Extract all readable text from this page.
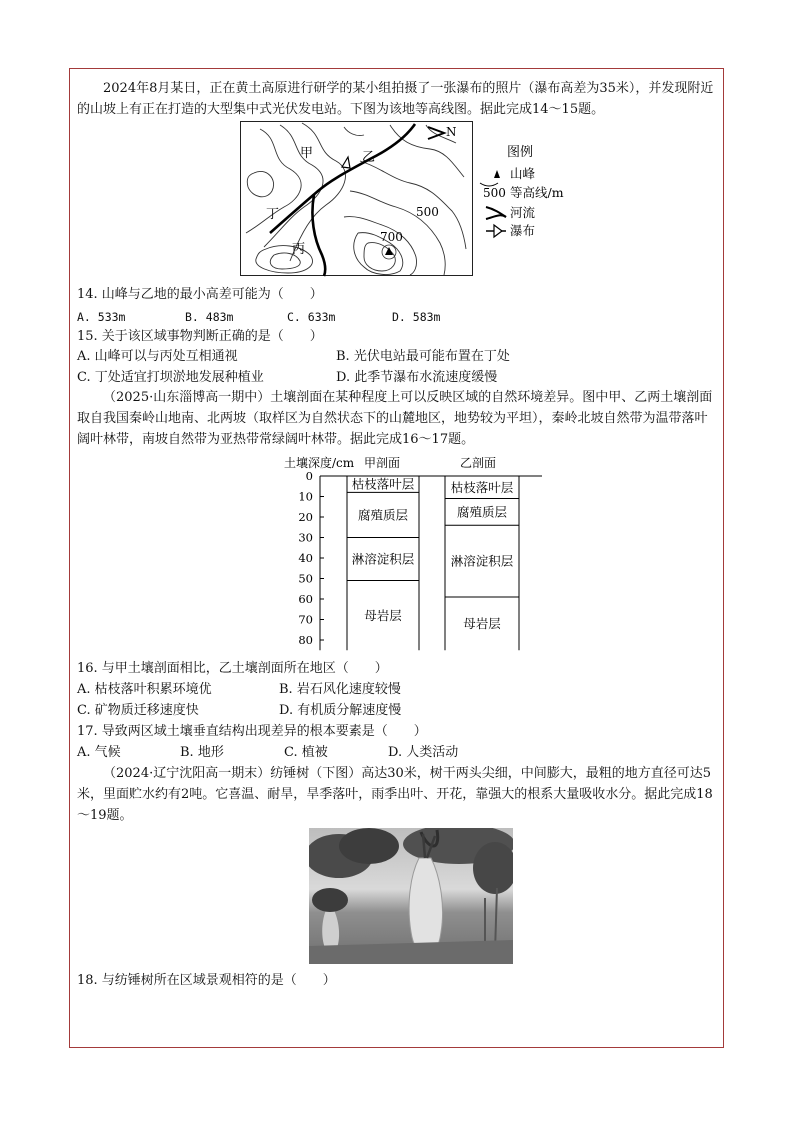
2024年8月某日，正在黄土高原进行研学的某小组拍摄了一张瀑布的照片（瀑布高差为35米），并发现附近的山坡上有正在打造的大型集中式光伏发电站。下图为该地等高线图。据此完成14～15题。
N
甲	乙
丁
丙
500
700
图例
山峰
500 等高线/m
河流
瀑布
14. 山峰与乙地的最小高差可能为（　　）
A. 533m	B. 483m	C. 633m	D. 583m
15. 关于该区域事物判断正确的是（　　）
A. 山峰可以与丙处互相通视	B. 光伏电站最可能布置在丁处
C. 丁处适宜打坝淤地发展种植业	D. 此季节瀑布水流速度缓慢
（2025·山东淄博高一期中）土壤剖面在某种程度上可以反映区域的自然环境差异。图中甲、乙两土壤剖面取自我国秦岭山地南、北两坡（取样区为自然状态下的山麓地区，地势较为平坦），秦岭北坡自然带为温带落叶阔叶林带，南坡自然带为亚热带常绿阔叶林带。据此完成16～17题。
土壤深度/cm 甲剖面	乙剖面
0
10
20
30
40
50
60
70
80
枯枝落叶层
腐殖质层
淋溶淀积层
母岩层
枯枝落叶层
腐殖质层
淋溶淀积层
母岩层
16. 与甲土壤剖面相比，乙土壤剖面所在地区（　　）
A. 枯枝落叶积累环境优	B. 岩石风化速度较慢
C. 矿物质迁移速度快	D. 有机质分解速度慢
17. 导致两区域土壤垂直结构出现差异的根本要素是（　　）
A. 气候	B. 地形	C. 植被	D. 人类活动
（2024·辽宁沈阳高一期末）纺锤树（下图）高达30米，树干两头尖细，中间膨大，最粗的地方直径可达5米，里面贮水约有2吨。它喜温、耐旱，旱季落叶，雨季出叶、开花，靠强大的根系大量吸收水分。据此完成18～19题。
18. 与纺锤树所在区域景观相符的是（　　）
